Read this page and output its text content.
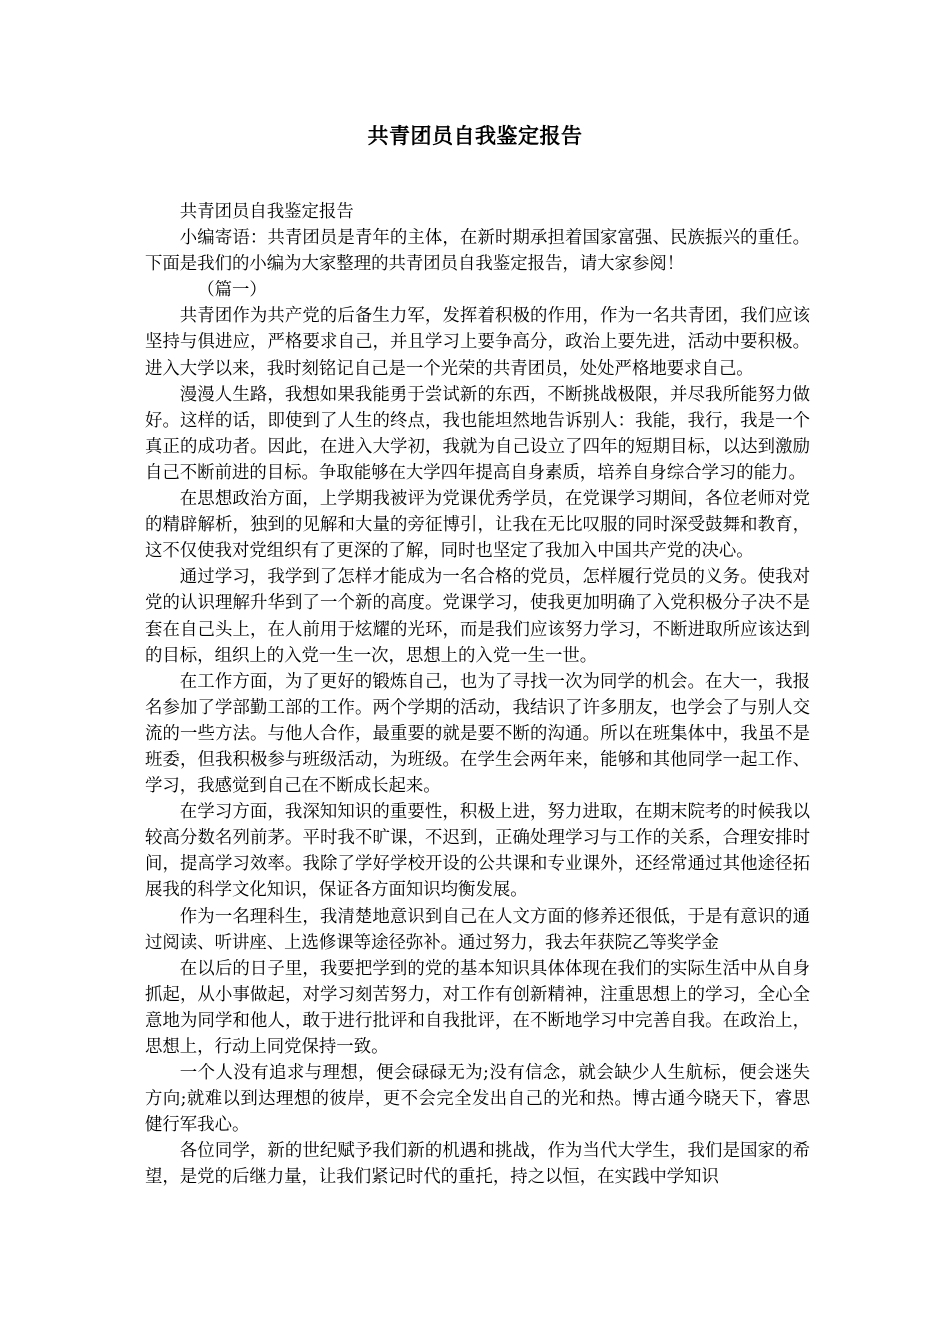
共青团员自我鉴定报告

共青团员自我鉴定报告

小编寄语：共青团员是青年的主体，在新时期承担着国家富强、民族振兴的重任。下面是我们的小编为大家整理的共青团员自我鉴定报告，请大家参阅！

（篇一）

共青团作为共产党的后备生力军，发挥着积极的作用，作为一名共青团，我们应该坚持与俱进应，严格要求自己，并且学习上要争高分，政治上要先进，活动中要积极。进入大学以来，我时刻铭记自己是一个光荣的共青团员，处处严格地要求自己。

漫漫人生路，我想如果我能勇于尝试新的东西，不断挑战极限，并尽我所能努力做好。这样的话，即使到了人生的终点，我也能坦然地告诉别人：我能，我行，我是一个真正的成功者。因此，在进入大学初，我就为自己设立了四年的短期目标，以达到激励自己不断前进的目标。争取能够在大学四年提高自身素质，培养自身综合学习的能力。

在思想政治方面，上学期我被评为党课优秀学员，在党课学习期间，各位老师对党的精辟解析，独到的见解和大量的旁征博引，让我在无比叹服的同时深受鼓舞和教育，这不仅使我对党组织有了更深的了解，同时也坚定了我加入中国共产党的决心。

通过学习，我学到了怎样才能成为一名合格的党员，怎样履行党员的义务。使我对党的认识理解升华到了一个新的高度。党课学习，使我更加明确了入党积极分子决不是套在自己头上，在人前用于炫耀的光环，而是我们应该努力学习，不断进取所应该达到的目标，组织上的入党一生一次，思想上的入党一生一世。

在工作方面，为了更好的锻炼自己，也为了寻找一次为同学的机会。在大一，我报名参加了学部勤工部的工作。两个学期的活动，我结识了许多朋友，也学会了与别人交流的一些方法。与他人合作，最重要的就是要不断的沟通。所以在班集体中，我虽不是班委，但我积极参与班级活动，为班级。在学生会两年来，能够和其他同学一起工作、学习，我感觉到自己在不断成长起来。

在学习方面，我深知知识的重要性，积极上进，努力进取，在期末院考的时候我以较高分数名列前茅。平时我不旷课，不迟到，正确处理学习与工作的关系，合理安排时间，提高学习效率。我除了学好学校开设的公共课和专业课外，还经常通过其他途径拓展我的科学文化知识，保证各方面知识均衡发展。

作为一名理科生，我清楚地意识到自己在人文方面的修养还很低，于是有意识的通过阅读、听讲座、上选修课等途径弥补。通过努力，我去年获院乙等奖学金

在以后的日子里，我要把学到的党的基本知识具体体现在我们的实际生活中从自身抓起，从小事做起，对学习刻苦努力，对工作有创新精神，注重思想上的学习，全心全意地为同学和他人，敢于进行批评和自我批评，在不断地学习中完善自我。在政治上，思想上，行动上同党保持一致。

一个人没有追求与理想，便会碌碌无为;没有信念，就会缺少人生航标，便会迷失方向;就难以到达理想的彼岸，更不会完全发出自己的光和热。博古通今晓天下，睿思健行军我心。

各位同学，新的世纪赋予我们新的机遇和挑战，作为当代大学生，我们是国家的希望，是党的后继力量，让我们紧记时代的重托，持之以恒，在实践中学知识
